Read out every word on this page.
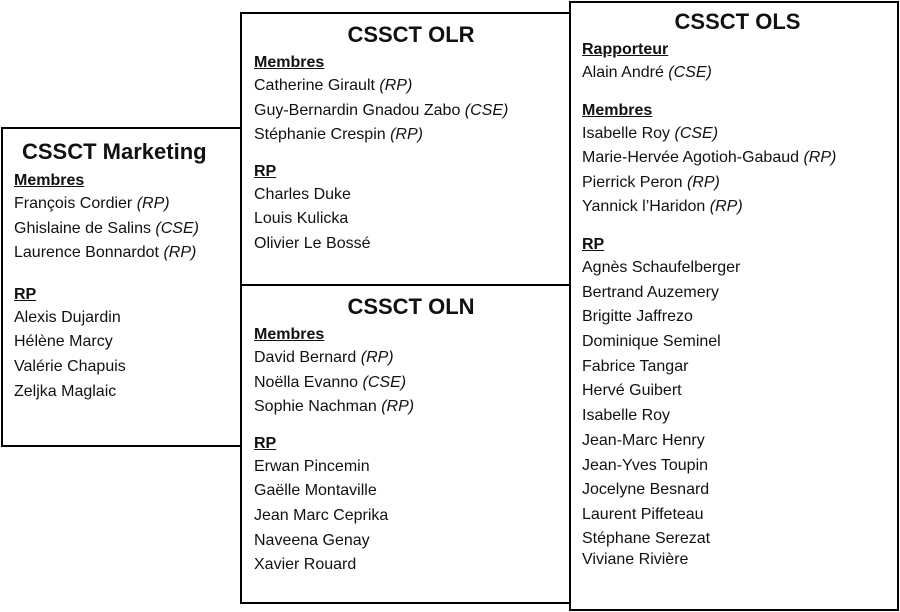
CSSCT Marketing
Membres
François Cordier (RP)
Ghislaine de Salins (CSE)
Laurence Bonnardot (RP)
RP
Alexis Dujardin
Hélène Marcy
Valérie Chapuis
Zeljka Maglaic
CSSCT OLR
Membres
Catherine Girault (RP)
Guy-Bernardin Gnadou Zabo (CSE)
Stéphanie Crespin (RP)
RP
Charles Duke
Louis Kulicka
Olivier Le Bossé
CSSCT OLN
Membres
David Bernard (RP)
Noëlla Evanno (CSE)
Sophie Nachman (RP)
RP
Erwan Pincemin
Gaëlle Montaville
Jean Marc Ceprika
Naveena Genay
Xavier Rouard
CSSCT OLS
Rapporteur
Alain André (CSE)
Membres
Isabelle Roy (CSE)
Marie-Hervée Agotioh-Gabaud (RP)
Pierrick Peron (RP)
Yannick l’Haridon (RP)
RP
Agnès Schaufelberger
Bertrand Auzemery
Brigitte Jaffrezo
Dominique Seminel
Fabrice Tangar
Hervé Guibert
Isabelle Roy
Jean-Marc Henry
Jean-Yves Toupin
Jocelyne Besnard
Laurent Piffeteau
Stéphane Serezat
Viviane Rivière
